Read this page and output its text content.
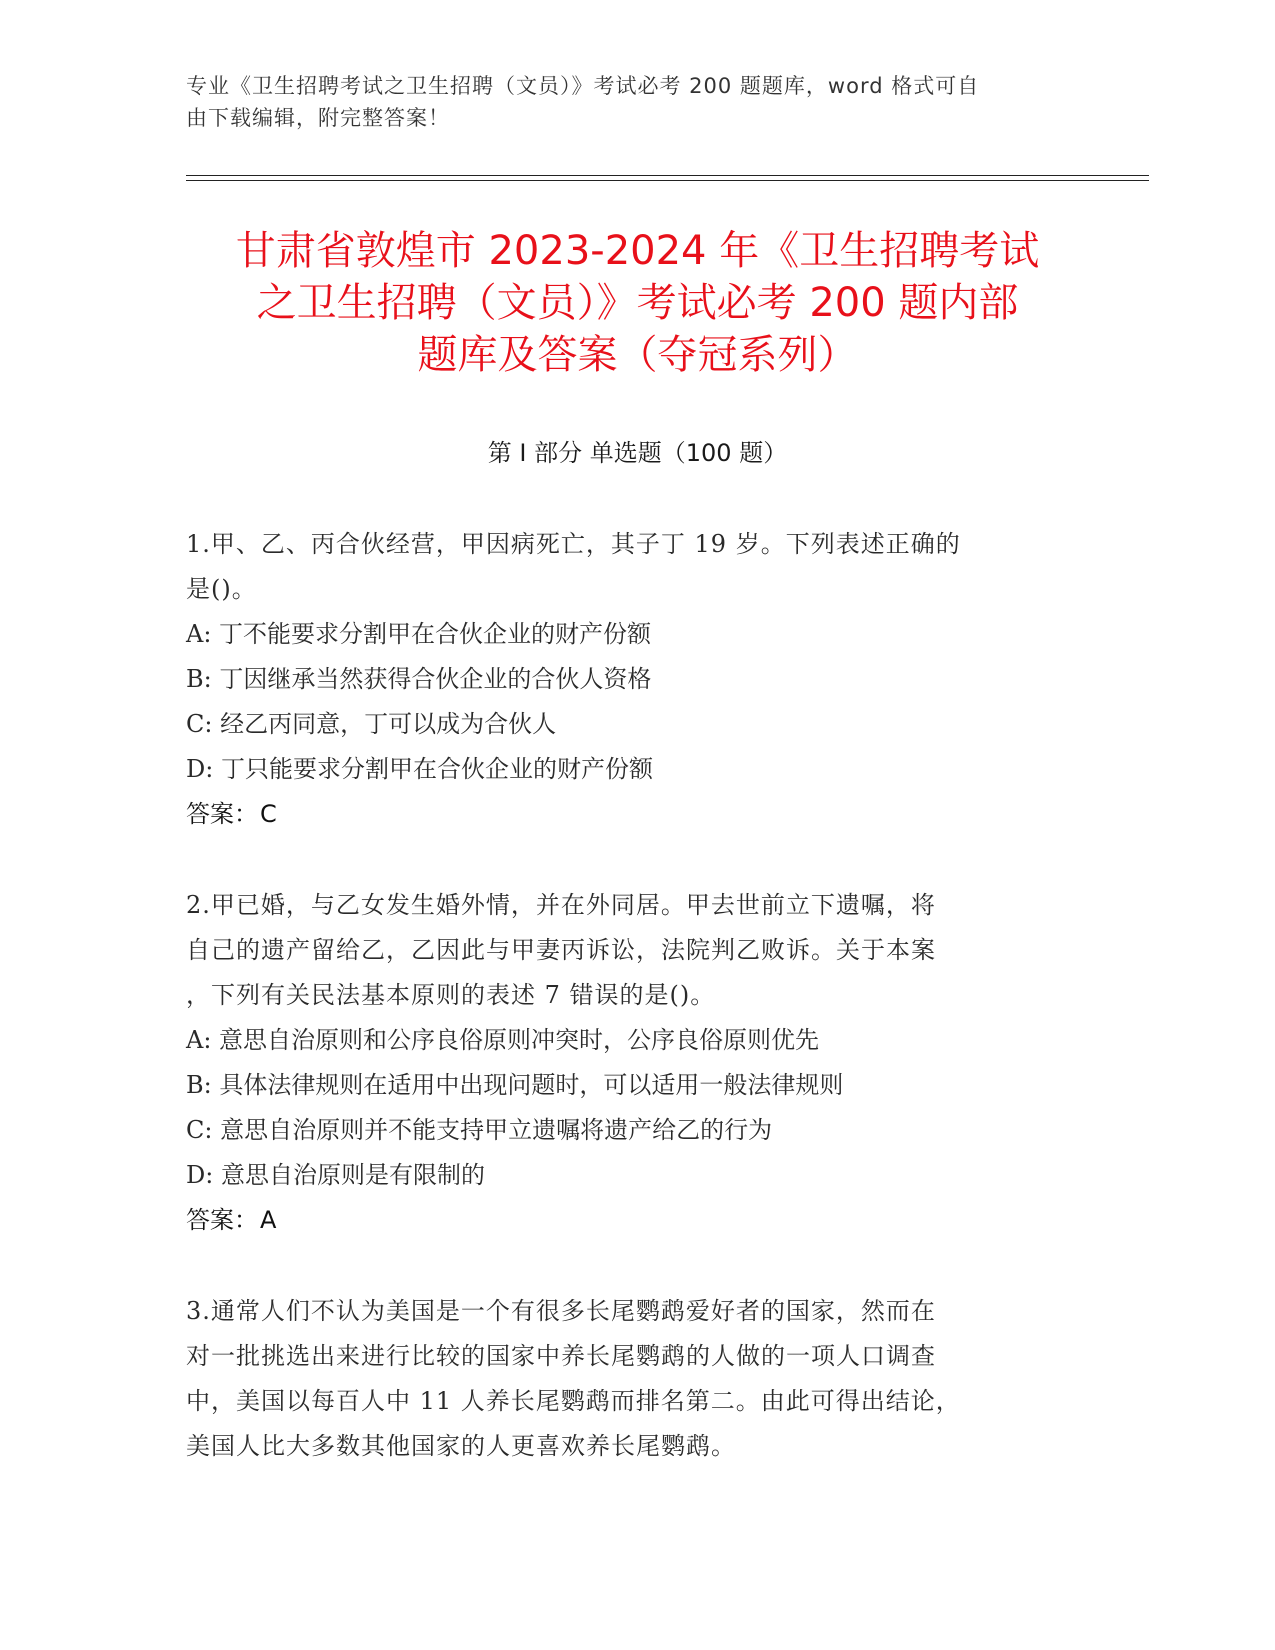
专业《卫生招聘考试之卫生招聘（文员）》考试必考 200 题题库，word 格式可自
由下载编辑，附完整答案！
甘肃省敦煌市 2023-2024 年《卫生招聘考试
之卫生招聘（文员）》考试必考 200 题内部
题库及答案（夺冠系列）
第 I 部分 单选题（100 题）
1.甲、乙、丙合伙经营，甲因病死亡，其子丁 19 岁。下列表述正确的
是()。
A: 丁不能要求分割甲在合伙企业的财产份额
B: 丁因继承当然获得合伙企业的合伙人资格
C: 经乙丙同意，丁可以成为合伙人
D: 丁只能要求分割甲在合伙企业的财产份额
答案：C
2.甲已婚，与乙女发生婚外情，并在外同居。甲去世前立下遗嘱，将
自己的遗产留给乙，乙因此与甲妻丙诉讼，法院判乙败诉。关于本案
，下列有关民法基本原则的表述 7 错误的是()。
A: 意思自治原则和公序良俗原则冲突时，公序良俗原则优先
B: 具体法律规则在适用中出现问题时，可以适用一般法律规则
C: 意思自治原则并不能支持甲立遗嘱将遗产给乙的行为
D: 意思自治原则是有限制的
答案：A
3.通常人们不认为美国是一个有很多长尾鹦鹉爱好者的国家，然而在
对一批挑选出来进行比较的国家中养长尾鹦鹉的人做的一项人口调查
中，美国以每百人中 11 人养长尾鹦鹉而排名第二。由此可得出结论，
美国人比大多数其他国家的人更喜欢养长尾鹦鹉。
